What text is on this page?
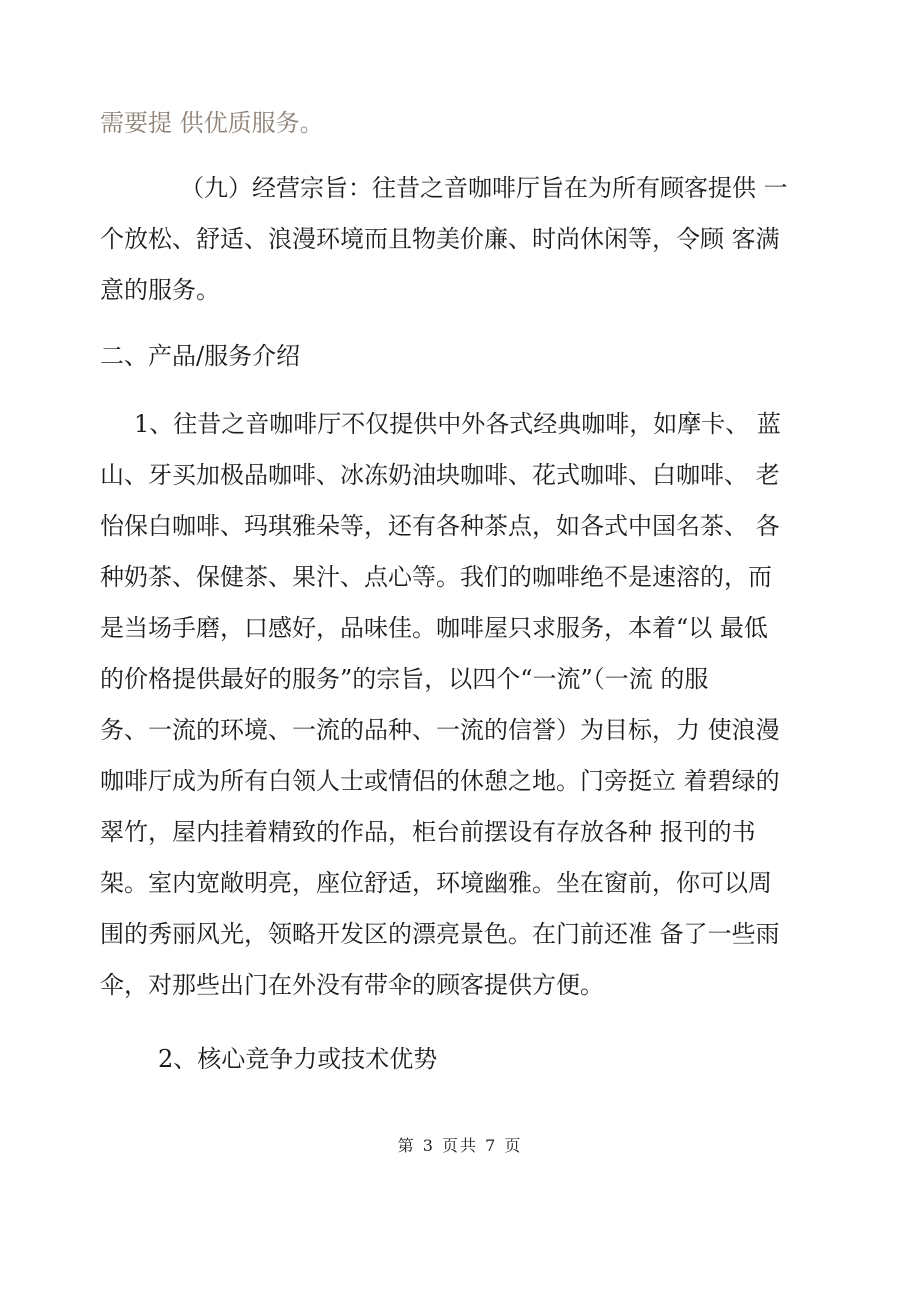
需要提 供优质服务。
（九）经营宗旨：往昔之音咖啡厅旨在为所有顾客提供 一
个放松、舒适、浪漫环境而且物美价廉、时尚休闲等，令顾 客满
意的服务。
二、产品/服务介绍
1、往昔之音咖啡厅不仅提供中外各式经典咖啡，如摩卡、 蓝
山、牙买加极品咖啡、冰冻奶油块咖啡、花式咖啡、白咖啡、 老
怡保白咖啡、玛琪雅朵等，还有各种茶点，如各式中国名茶、 各
种奶茶、保健茶、果汁、点心等。我们的咖啡绝不是速溶的，而
是当场手磨，口感好，品味佳。咖啡屋只求服务，本着“以 最低
的价格提供最好的服务”的宗旨，以四个“一流”（一流 的服
务、一流的环境、一流的品种、一流的信誉）为目标，力 使浪漫
咖啡厅成为所有白领人士或情侣的休憩之地。门旁挺立 着碧绿的
翠竹，屋内挂着精致的作品，柜台前摆设有存放各种 报刊的书
架。室内宽敞明亮，座位舒适，环境幽雅。坐在窗前，你可以周
围的秀丽风光，领略开发区的漂亮景色。在门前还准 备了一些雨
伞，对那些出门在外没有带伞的顾客提供方便。
2、核心竞争力或技术优势
第 3 页共 7 页
